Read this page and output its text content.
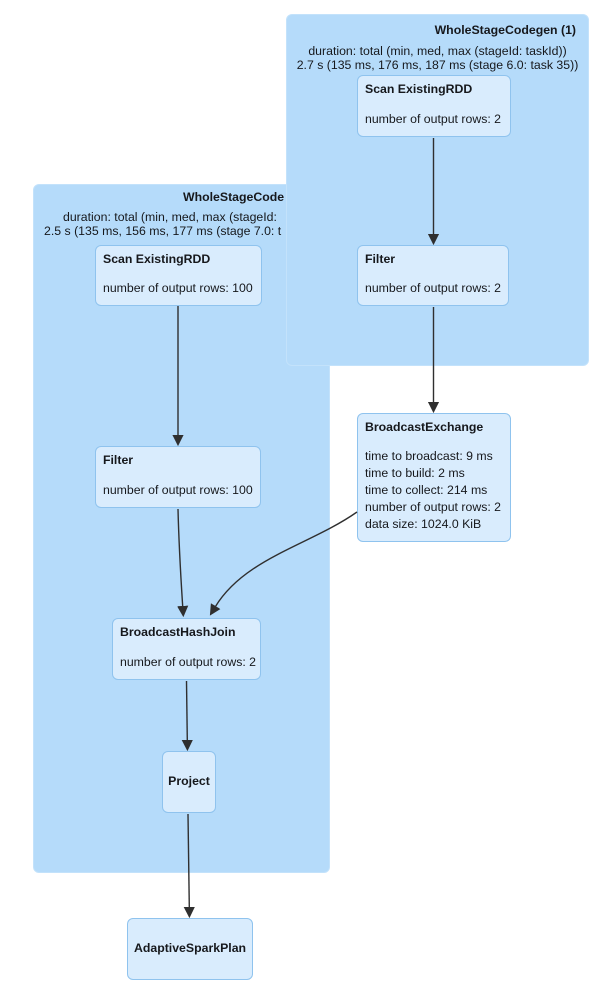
WholeStageCode
duration: total (min, med, max (stageId:
2.5 s (135 ms, 156 ms, 177 ms (stage 7.0: t
WholeStageCodegen (1)
duration: total (min, med, max (stageId: taskId))
2.7 s (135 ms, 176 ms, 187 ms (stage 6.0: task 35))
Scan ExistingRDD
number of output rows: 2
Filter
number of output rows: 2
Scan ExistingRDD
number of output rows: 100
Filter
number of output rows: 100
BroadcastExchange
time to broadcast: 9 ms
time to build: 2 ms
time to collect: 214 ms
number of output rows: 2
data size: 1024.0 KiB
BroadcastHashJoin
number of output rows: 2
Project
AdaptiveSparkPlan
